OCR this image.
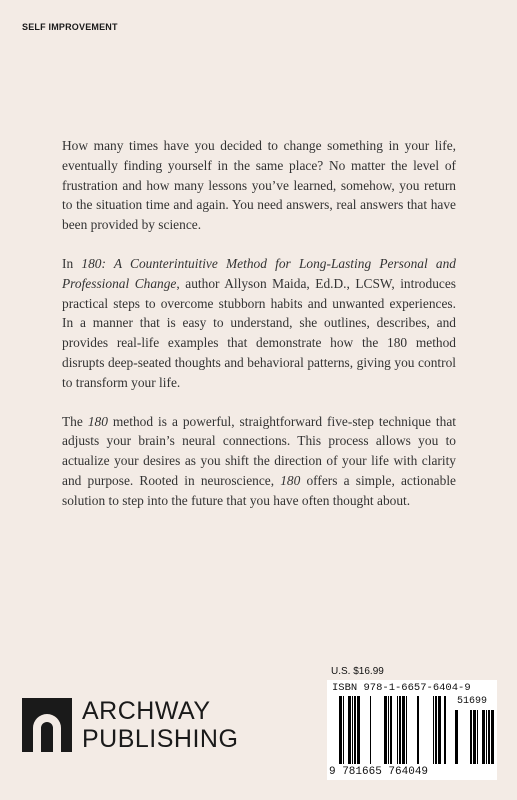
SELF IMPROVEMENT

How many times have you decided to change something in your life, eventually finding yourself in the same place? No matter the level of frustration and how many lessons you’ve learned, somehow, you return to the situation time and again. You need answers, real answers that have been provided by science.

In 180: A Counterintuitive Method for Long-Lasting Personal and Professional Change, author Allyson Maida, Ed.D., LCSW, introduces practical steps to overcome stubborn habits and unwanted experiences. In a manner that is easy to understand, she outlines, describes, and provides real-life examples that demonstrate how the 180 method disrupts deep-seated thoughts and behavioral patterns, giving you control to transform your life.

The 180 method is a powerful, straightforward five-step technique that adjusts your brain’s neural connections. This process allows you to actualize your desires as you shift the direction of your life with clarity and purpose. Rooted in neuroscience, 180 offers a simple, actionable solution to step into the future that you have often thought about.

U.S. $16.99
ISBN 978-1-6657-6404-9
51699
9 781665 764049
ARCHWAY
PUBLISHING
